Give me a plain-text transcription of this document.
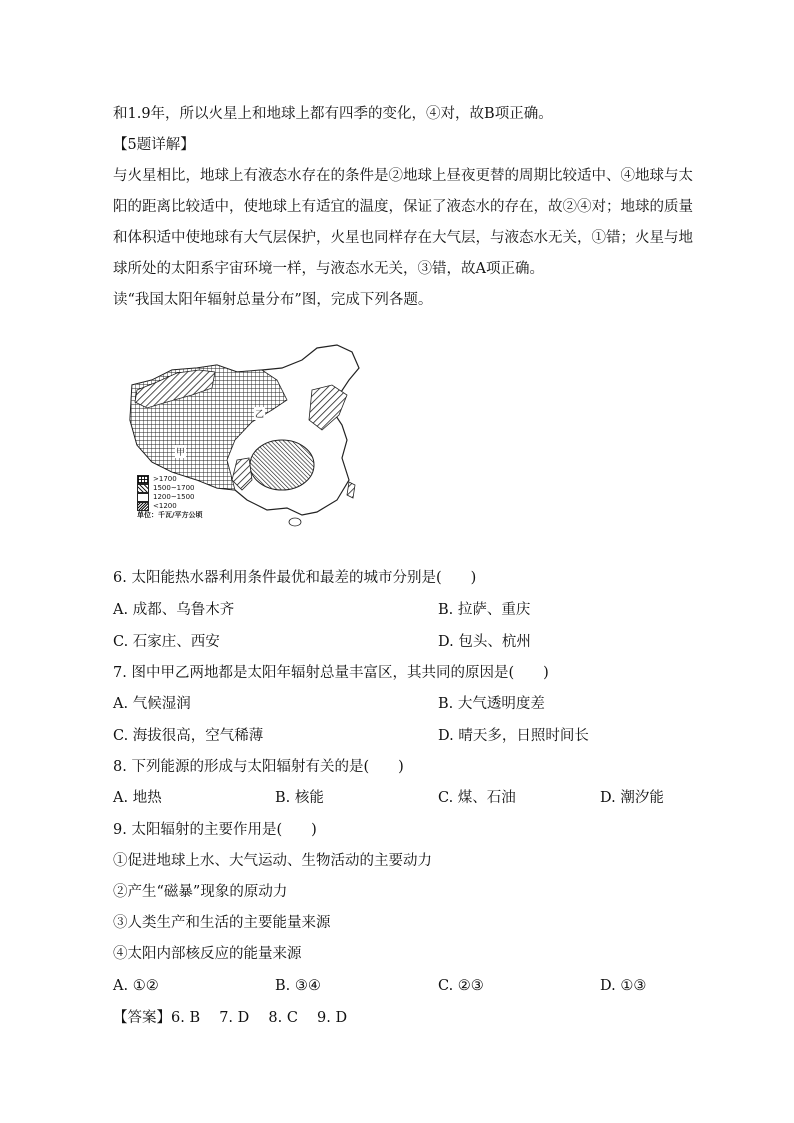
和1.9年，所以火星上和地球上都有四季的变化，④对，故B项正确。
【5题详解】
与火星相比，地球上有液态水存在的条件是②地球上昼夜更替的周期比较适中、④地球与太
阳的距离比较适中，使地球上有适宜的温度，保证了液态水的存在，故②④对；地球的质量
和体积适中使地球有大气层保护，火星也同样存在大气层，与液态水无关，①错；火星与地
球所处的太阳系宇宙环境一样，与液态水无关，③错，故A项正确。
读“我国太阳年辐射总量分布”图，完成下列各题。
甲
乙
>1700
1500~1700
1200~1500
<1200
单位：千瓦/平方公顷
6. 太阳能热水器利用条件最优和最差的城市分别是(　　)
A. 成都、乌鲁木齐	B. 拉萨、重庆
C. 石家庄、西安	D. 包头、杭州
7. 图中甲乙两地都是太阳年辐射总量丰富区，其共同的原因是(　　)
A. 气候湿润	B. 大气透明度差
C. 海拔很高，空气稀薄	D. 晴天多，日照时间长
8. 下列能源的形成与太阳辐射有关的是(　　)
A. 地热	B. 核能	C. 煤、石油	D. 潮汐能
9. 太阳辐射的主要作用是(　　)
①促进地球上水、大气运动、生物活动的主要动力
②产生“磁暴”现象的原动力
③人类生产和生活的主要能量来源
④太阳内部核反应的能量来源
A. ①②	B. ③④	C. ②③	D. ①③
【答案】6. B　 7. D　 8. C　 9. D
